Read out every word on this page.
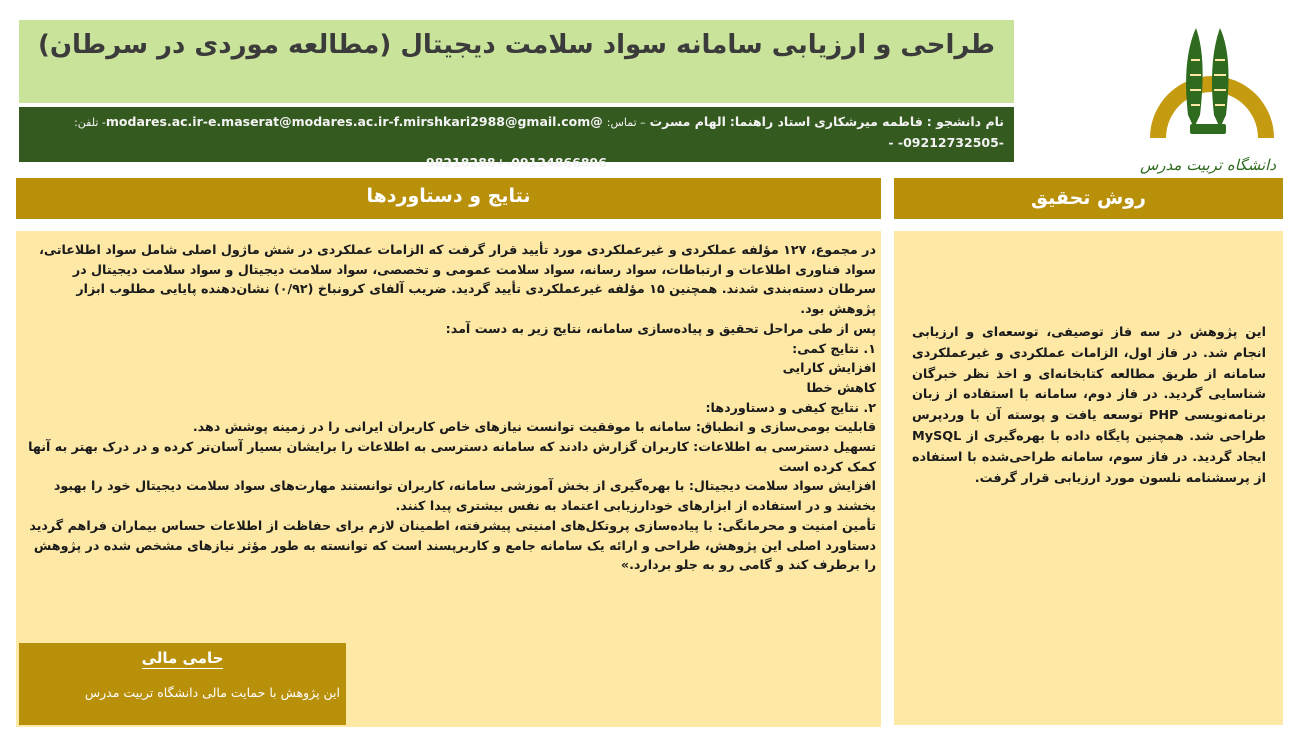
طراحی و ارزیابی سامانه سواد سلامت دیجیتال (مطالعه موردی در سرطان)
نام دانشجو : فاطمه میرشکاری استاد راهنما: الهام مسرت – تماس: @modares.ac.ir-e.maserat@modares.ac.ir-f.mirshkari2988@gmail.com- تلفن: -09212732505- -
09124866896-+98218288	دانشگاه تربیت مدرس
نتایج و دستاوردها	روش تحقیق

در مجموع، ۱۲۷ مؤلفه عملکردی و غیرعملکردی مورد تأیید قرار گرفت که الزامات عملکردی در شش ماژول اصلی شامل سواد اطلاعاتی، سواد فناوری اطلاعات و ارتباطات، سواد رسانه، سواد سلامت عمومی و تخصصی، سواد سلامت دیجیتال و سواد سلامت دیجیتال در سرطان دسته‌بندی شدند. همچنین ۱۵ مؤلفه غیرعملکردی تأیید گردید. ضریب آلفای کرونباخ (۰/۹۲) نشان‌دهنده پایایی مطلوب ابزار پژوهش بود.

پس از طی مراحل تحقیق و پیاده‌سازی سامانه، نتایج زیر به دست آمد:

۱. نتایج کمی:

افزایش کارایی

کاهش خطا

۲. نتایج کیفی و دستاوردها:

قابلیت بومی‌سازی و انطباق: سامانه با موفقیت توانست نیازهای خاص کاربران ایرانی را در زمینه پوشش دهد.

تسهیل دسترسی به اطلاعات: کاربران گزارش دادند که سامانه دسترسی به اطلاعات را برایشان بسیار آسان‌تر کرده و در درک بهتر به آنها کمک کرده است

افزایش سواد سلامت دیجیتال: با بهره‌گیری از بخش آموزشی سامانه، کاربران توانستند مهارت‌های سواد سلامت دیجیتال خود را بهبود بخشند و در استفاده از ابزارهای خودارزیابی اعتماد به نفس بیشتری پیدا کنند.

تأمین امنیت و محرمانگی: با پیاده‌سازی پروتکل‌های امنیتی پیشرفته، اطمینان لازم برای حفاظت از اطلاعات حساس بیماران فراهم گردید

دستاورد اصلی این پژوهش، طراحی و ارائه یک سامانه جامع و کاربرپسند است که توانسته به طور مؤثر نیازهای مشخص شده در پژوهش را برطرف کند و گامی رو به جلو بردارد.»

این پژوهش در سه فاز توصیفی، توسعه‌ای و ارزیابی انجام شد. در فاز اول، الزامات عملکردی و غیرعملکردی سامانه از طریق مطالعه کتابخانه‌ای و اخذ نظر خبرگان شناسایی گردید. در فاز دوم، سامانه با استفاده از زبان برنامه‌نویسی PHP توسعه یافت و پوسته آن با وردپرس طراحی شد. همچنین پایگاه داده با بهره‌گیری از MySQL ایجاد گردید. در فاز سوم، سامانه طراحی‌شده با استفاده از پرسشنامه نلسون مورد ارزیابی قرار گرفت.
حامی مالی
این پژوهش با حمایت مالی دانشگاه تربیت مدرس
